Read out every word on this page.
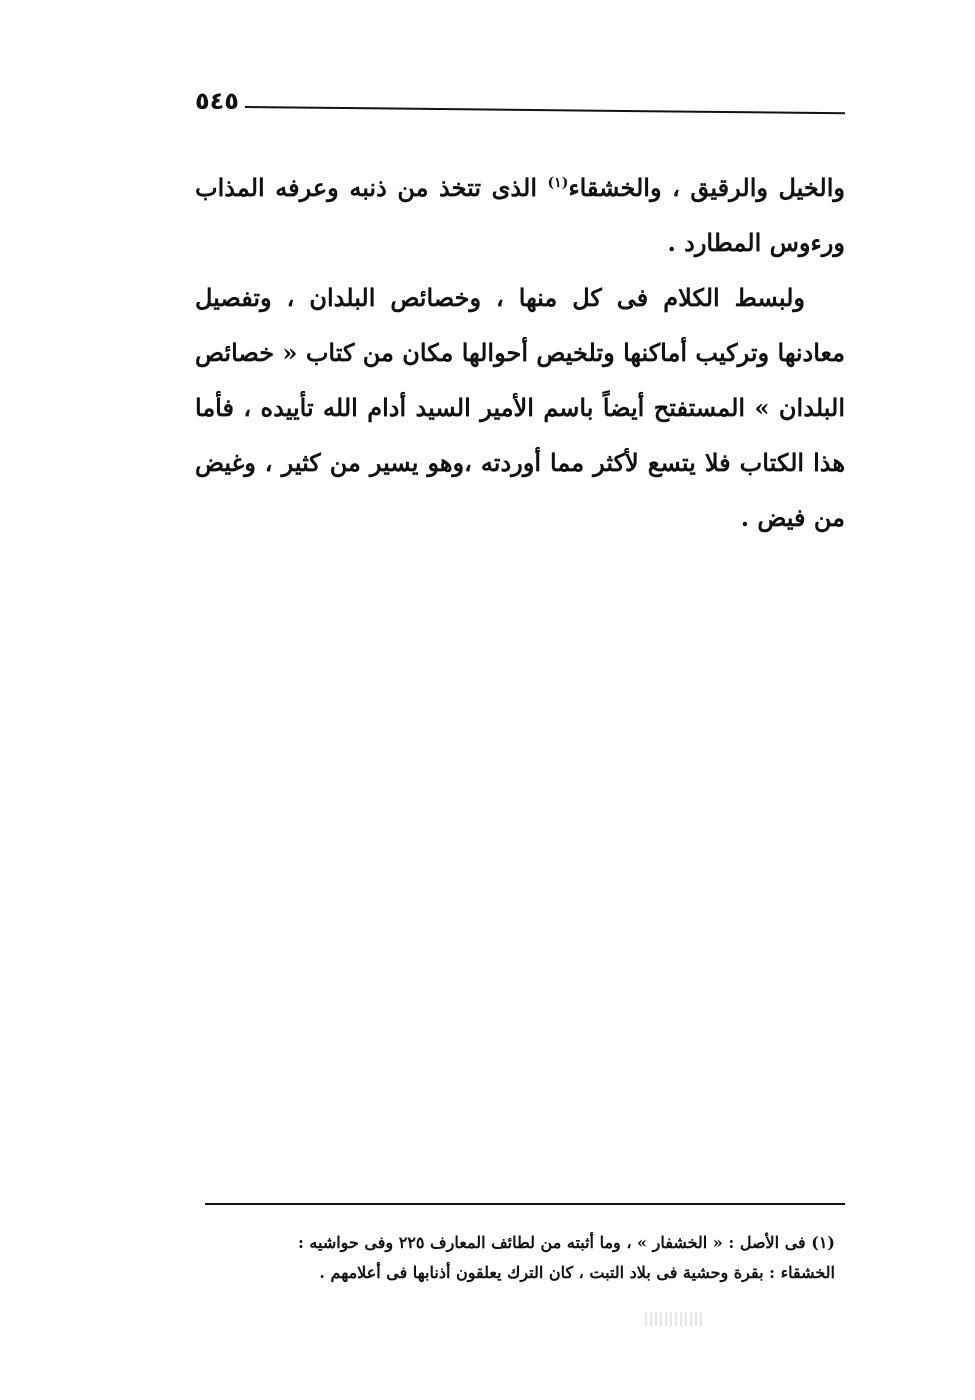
٥٤٥

والخيل والرقيق ، والخشقاء$^{(١)}$ الذى تتخذ من ذنبه وعرفه المذاب ورءوس المطارد .

ولبسط الكلام فى كل منها ، وخصائص البلدان ، وتفصيل معادنها وتركيب أماكنها وتلخيص أحوالها مكان من كتاب « خصائص البلدان » المستفتح أيضاً باسم الأمير السيد أدام الله تأييده ، فأما هذا الكتاب فلا يتسع لأكثر مما أوردته ،وهو يسير من كثير ، وغيض من فيض .

(١) فى الأصل : « الخشفار » ، وما أثبته من لطائف المعارف ٢٢٥ وفى حواشيه :

الخشقاء : بقرة وحشية فى بلاد التبت ، كان الترك يعلقون أذنابها فى أعلامهم .
